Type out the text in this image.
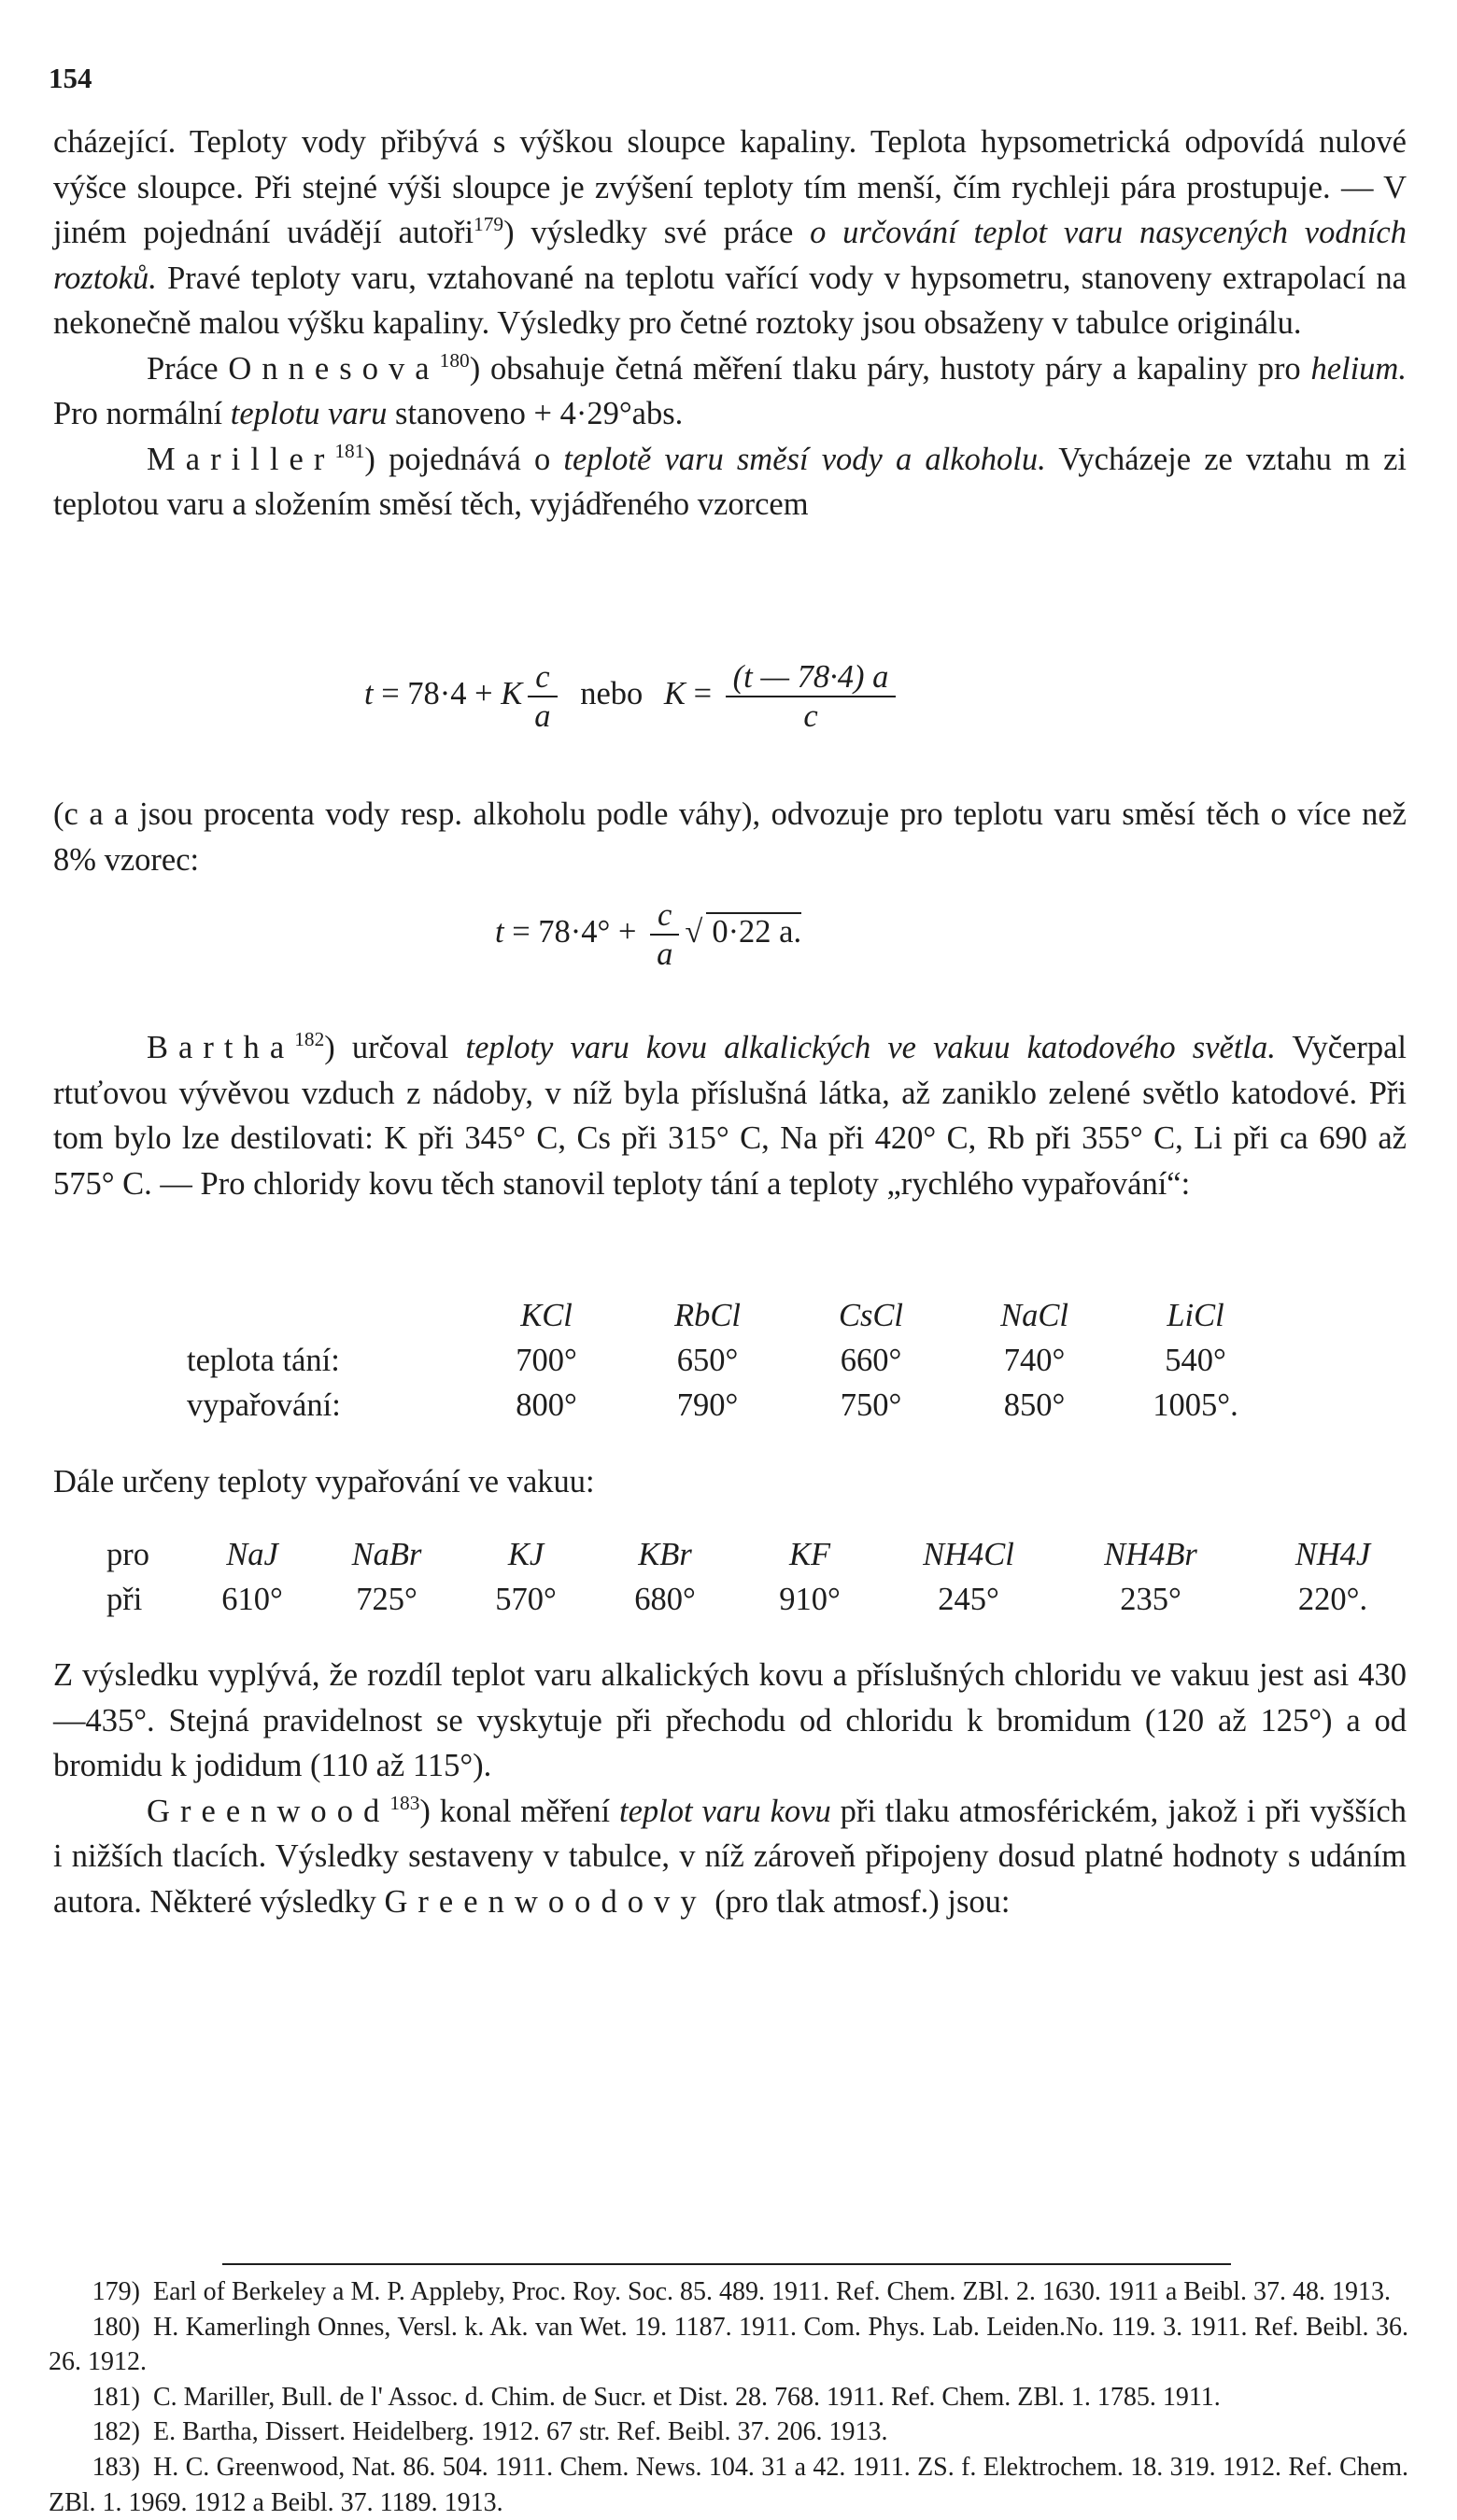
154

cházející. Teploty vody přibývá s výškou sloupce kapaliny. Teplota hypsometrická odpovídá nulové výšce sloupce. Při stejné výši sloupce je zvýšení teploty tím menší, čím rychleji pára prostupuje. — V jiném pojednání uvádějí autoři$^{179}$) výsledky své práce o určování teplot varu nasycených vodních roztoků. Pravé teploty varu, vztahované na teplotu vařící vody v hypsometru, stanoveny extrapolací na nekonečně malou výšku kapaliny. Výsledky pro četné roztoky jsou obsaženy v tabulce originálu.

Práce Onnesova$^{180}$) obsahuje četná měření tlaku páry, hustoty páry a kapaliny pro helium. Pro normální teplotu varu stanoveno + 4·29°abs.

Mariller$^{181}$) pojednává o teplotě varu směsí vody a alkoholu. Vycházeje ze vztahu m zi teplotou varu a složením směsí těch, vyjádřeného vzorcem

t = 78·4 + K $\frac{c}{a}$ nebo $K = \frac{(t — 78\cdot 4) a}{c}$

(c a a jsou procenta vody resp. alkoholu podle váhy), odvozuje pro teplotu varu směsí těch o více než 8% vzorec:

$t = 78\cdot 4^\circ + \frac{c}{a}$ √ 0·22 a.

Bartha$^{182}$) určoval teploty varu kovu alkalických ve vakuu katodového světla. Vyčerpal rtuťovou vývěvou vzduch z nádoby, v níž byla příslušná látka, až zaniklo zelené světlo katodové. Při tom bylo lze destilovati: K při 345° C, Cs při 315° C, Na při 420° C, Rb při 355° C, Li při ca 690 až 575° C. — Pro chloridy kovu těch stanovil teploty tání a teploty „rychlého vypařování“:

	KCl	RbCl	CsCl	NaCl	LiCl
teplota tání:	700°	650°	660°	740°	540°
vypařování:	800°	790°	750°	850°	1005°.

Dále určeny teploty vypařování ve vakuu:

pro	NaJ	NaBr	KJ	KBr	KF	NH4Cl	NH4Br	NH4J
při	610°	725°	570°	680°	910°	245°	235°	220°.

Z výsledku vyplývá, že rozdíl teplot varu alkalických kovu a příslušných chloridu ve vakuu jest asi 430—435°. Stejná pravidelnost se vyskytuje při přechodu od chloridu k bromidum (120 až 125°) a od bromidu k jodidum (110 až 115°).

Greenwood$^{183}$) konal měření teplot varu kovu při tlaku atmosférickém, jakož i při vyšších i nižších tlacích. Výsledky sestaveny v tabulce, v níž zároveň připojeny dosud platné hodnoty s udáním autora. Některé výsledky Greenwoodovy (pro tlak atmosf.) jsou:

179) Earl of Berkeley a M. P. Appleby, Proc. Roy. Soc. 85. 489. 1911. Ref. Chem. ZBl. 2. 1630. 1911 a Beibl. 37. 48. 1913.

180) H. Kamerlingh Onnes, Versl. k. Ak. van Wet. 19. 1187. 1911. Com. Phys. Lab. Leiden.No. 119. 3. 1911. Ref. Beibl. 36. 26. 1912.

181) C. Mariller, Bull. de l' Assoc. d. Chim. de Sucr. et Dist. 28. 768. 1911. Ref. Chem. ZBl. 1. 1785. 1911.

182) E. Bartha, Dissert. Heidelberg. 1912. 67 str. Ref. Beibl. 37. 206. 1913.

183) H. C. Greenwood, Nat. 86. 504. 1911. Chem. News. 104. 31 a 42. 1911. ZS. f. Elektrochem. 18. 319. 1912. Ref. Chem. ZBl. 1. 1969. 1912 a Beibl. 37. 1189. 1913.
